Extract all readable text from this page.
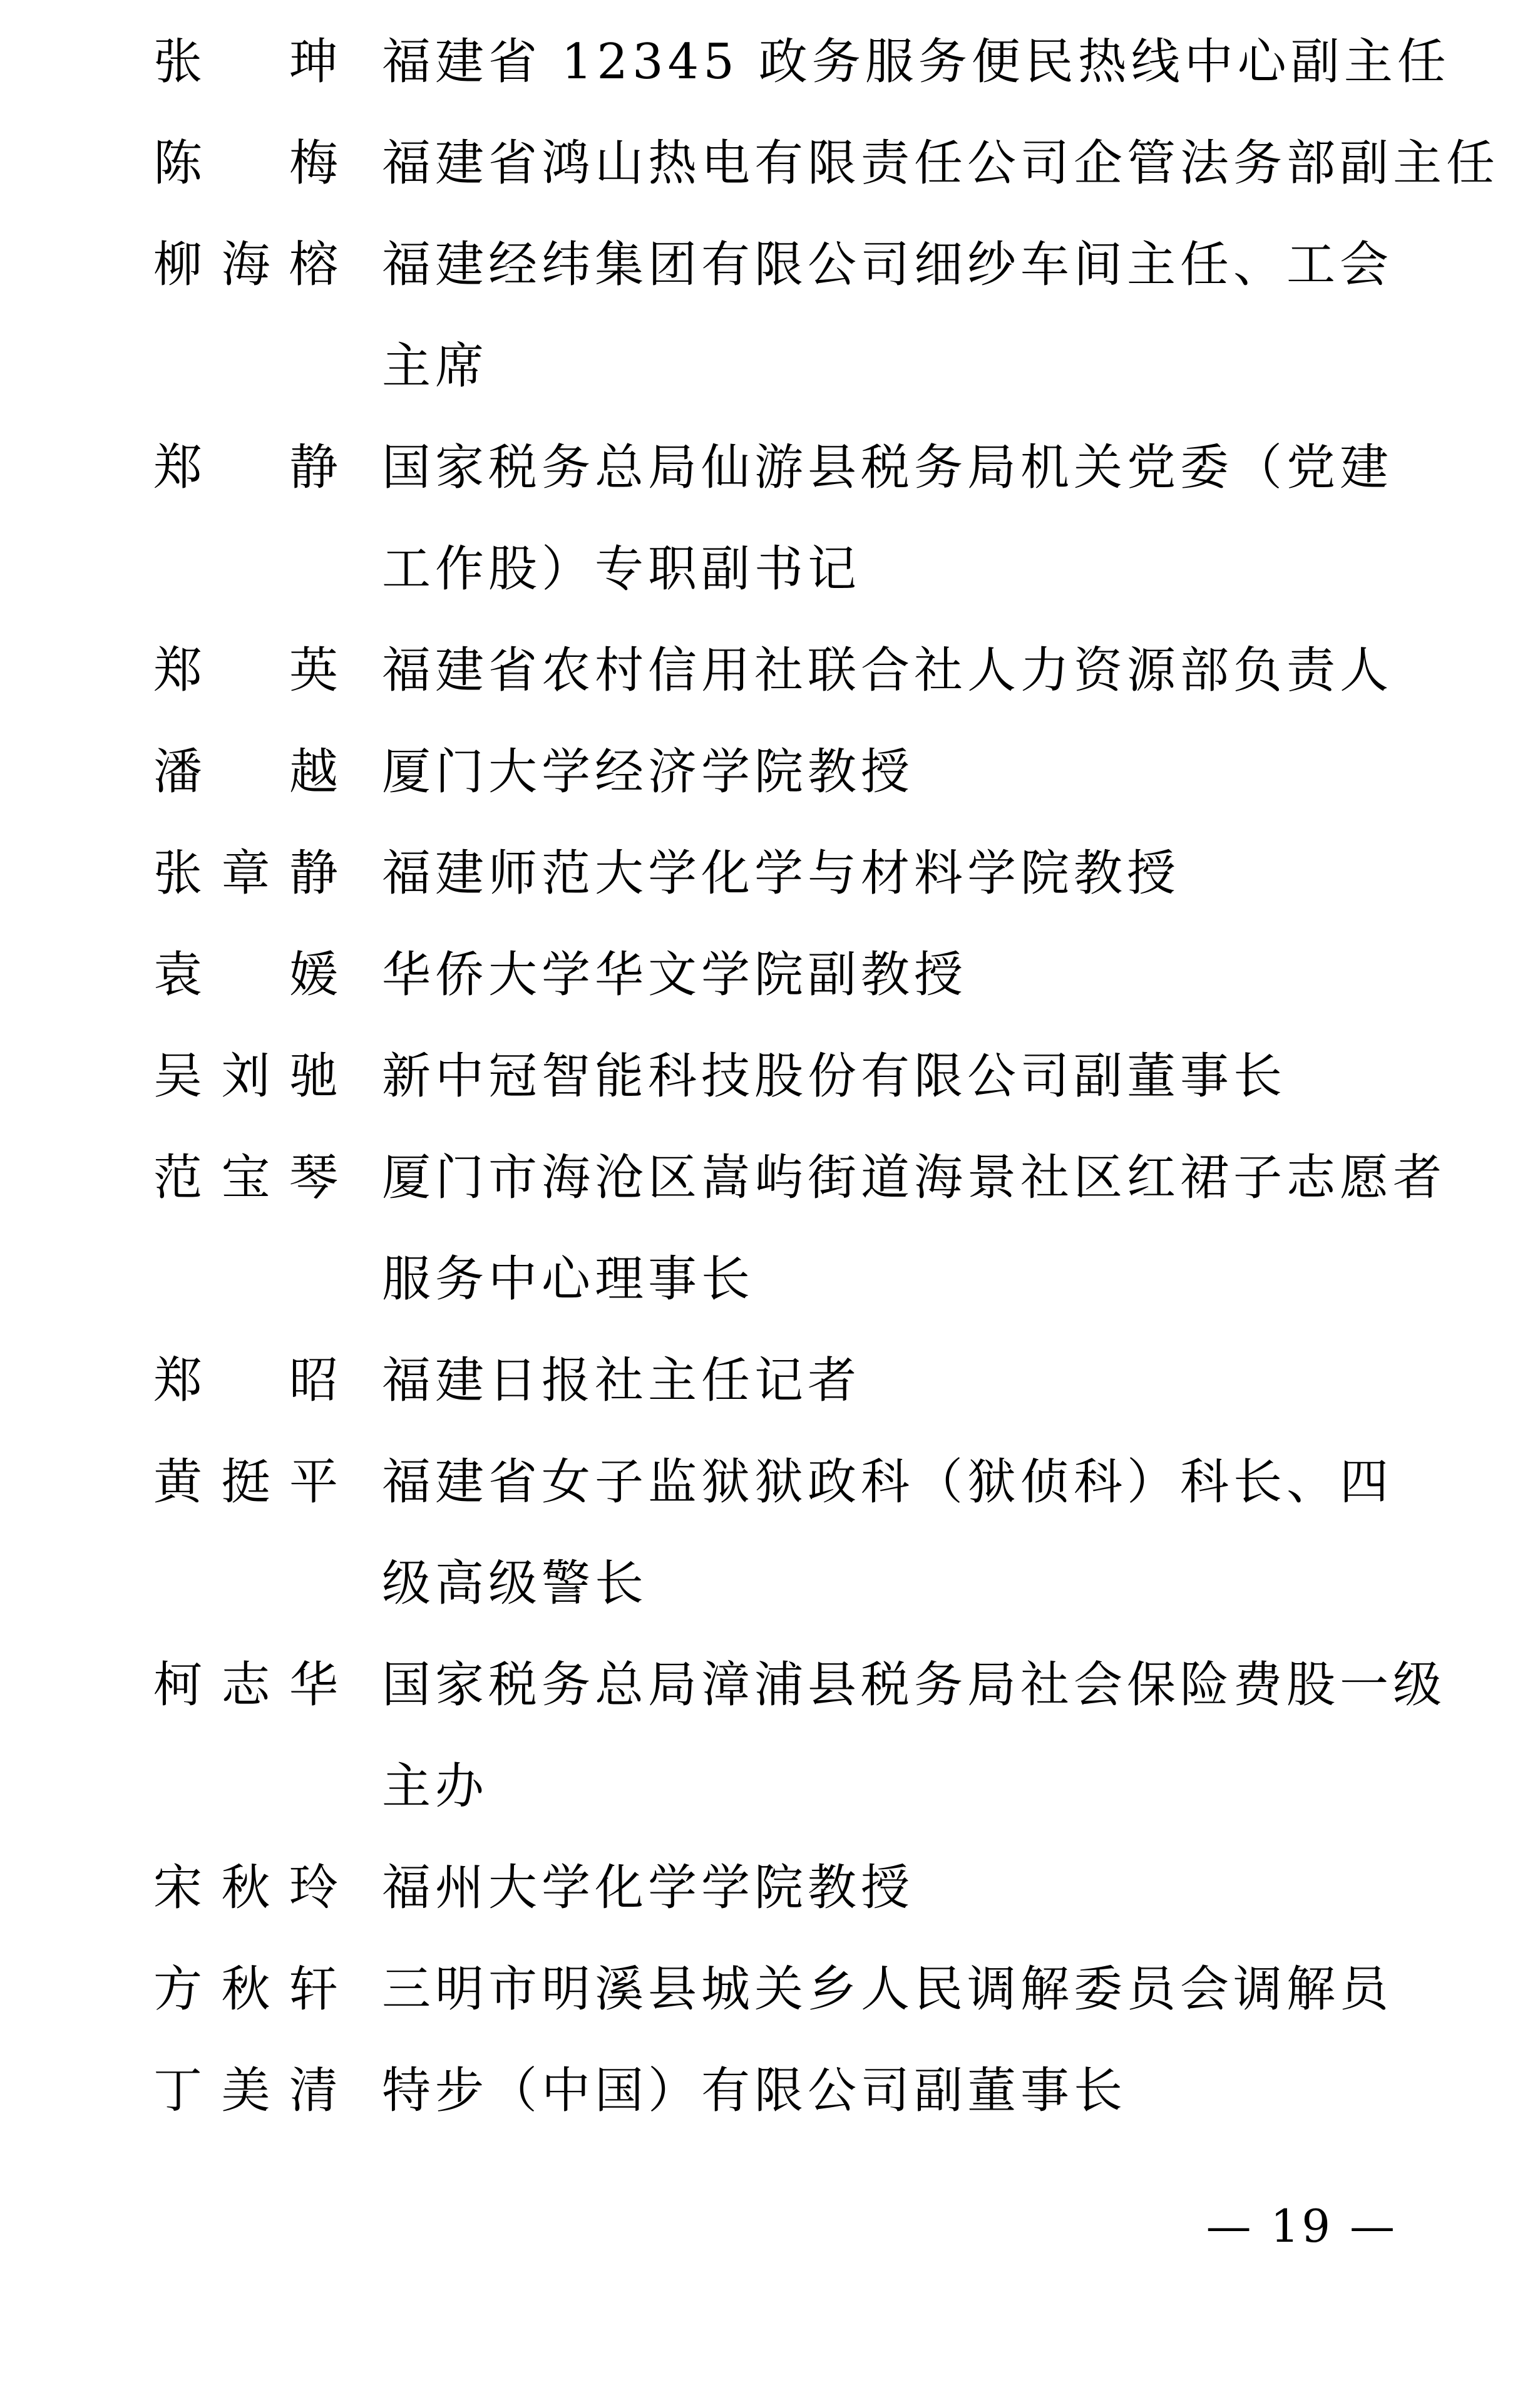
张珅 福建省 12345 政务服务便民热线中心副主任
陈梅 福建省鸿山热电有限责任公司企管法务部副主任
柳海榕 福建经纬集团有限公司细纱车间主任、工会
主席
郑静 国家税务总局仙游县税务局机关党委（党建
工作股）专职副书记
郑英 福建省农村信用社联合社人力资源部负责人
潘越 厦门大学经济学院教授
张章静 福建师范大学化学与材料学院教授
袁媛 华侨大学华文学院副教授
吴刘驰 新中冠智能科技股份有限公司副董事长
范宝琴 厦门市海沧区嵩屿街道海景社区红裙子志愿者
服务中心理事长
郑昭 福建日报社主任记者
黄挺平 福建省女子监狱狱政科（狱侦科）科长、四
级高级警长
柯志华 国家税务总局漳浦县税务局社会保险费股一级
主办
宋秋玲 福州大学化学学院教授
方秋轩 三明市明溪县城关乡人民调解委员会调解员
丁美清 特步（中国）有限公司副董事长
— 19 —
